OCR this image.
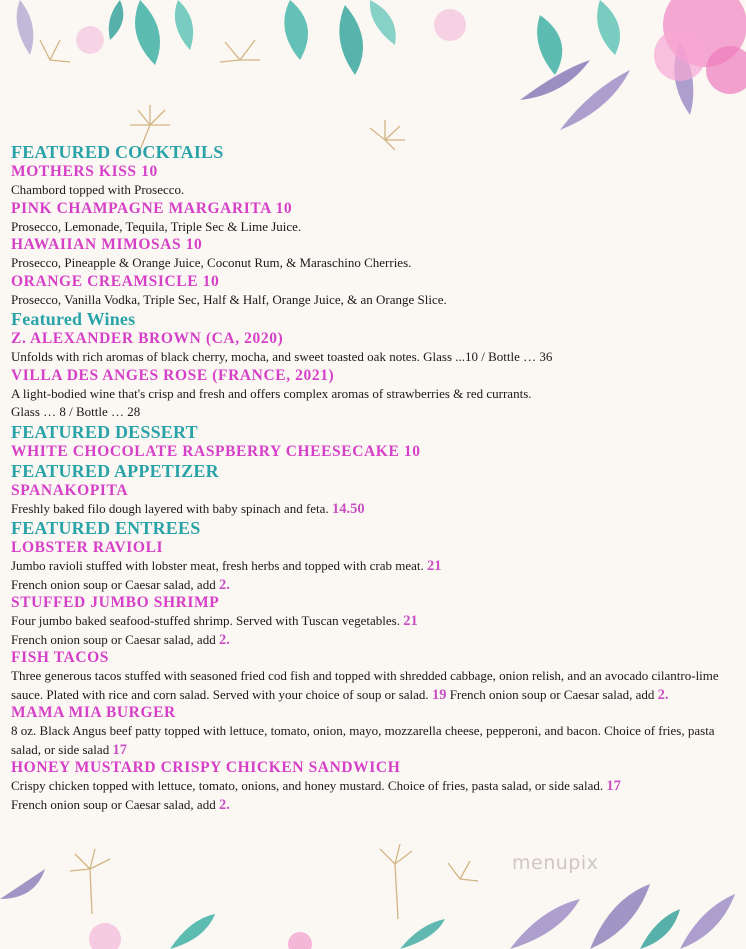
FEATURED COCKTAILS
MOTHERS KISS 10
Chambord topped with Prosecco.
PINK CHAMPAGNE MARGARITA 10
Prosecco, Lemonade, Tequila, Triple Sec & Lime Juice.
HAWAIIAN MIMOSAS 10
Prosecco, Pineapple & Orange Juice, Coconut Rum, & Maraschino Cherries.
ORANGE CREAMSICLE 10
Prosecco, Vanilla Vodka, Triple Sec, Half & Half, Orange Juice, & an Orange Slice.
Featured Wines
Z. ALEXANDER BROWN (CA, 2020)
Unfolds with rich aromas of black cherry, mocha, and sweet toasted oak notes. Glass ...10 / Bottle … 36
VILLA DES ANGES ROSE (FRANCE, 2021)
A light-bodied wine that's crisp and fresh and offers complex aromas of strawberries & red currants.
Glass … 8 / Bottle … 28
FEATURED DESSERT
WHITE CHOCOLATE RASPBERRY CHEESECAKE 10
FEATURED APPETIZER
SPANAKOPITA
Freshly baked filo dough layered with baby spinach and feta. 14.50
FEATURED ENTREES
LOBSTER RAVIOLI
Jumbo ravioli stuffed with lobster meat, fresh herbs and topped with crab meat. 21
French onion soup or Caesar salad, add 2.
STUFFED JUMBO SHRIMP
Four jumbo baked seafood-stuffed shrimp. Served with Tuscan vegetables. 21
French onion soup or Caesar salad, add 2.
FISH TACOS
Three generous tacos stuffed with seasoned fried cod fish and topped with shredded cabbage, onion relish, and an avocado cilantro-lime sauce. Plated with rice and corn salad. Served with your choice of soup or salad. 19 French onion soup or Caesar salad, add 2.
MAMA MIA BURGER
8 oz. Black Angus beef patty topped with lettuce, tomato, onion, mayo, mozzarella cheese, pepperoni, and bacon. Choice of fries, pasta salad, or side salad 17
HONEY MUSTARD CRISPY CHICKEN SANDWICH
Crispy chicken topped with lettuce, tomato, onions, and honey mustard. Choice of fries, pasta salad, or side salad. 17
French onion soup or Caesar salad, add 2.
menupix
